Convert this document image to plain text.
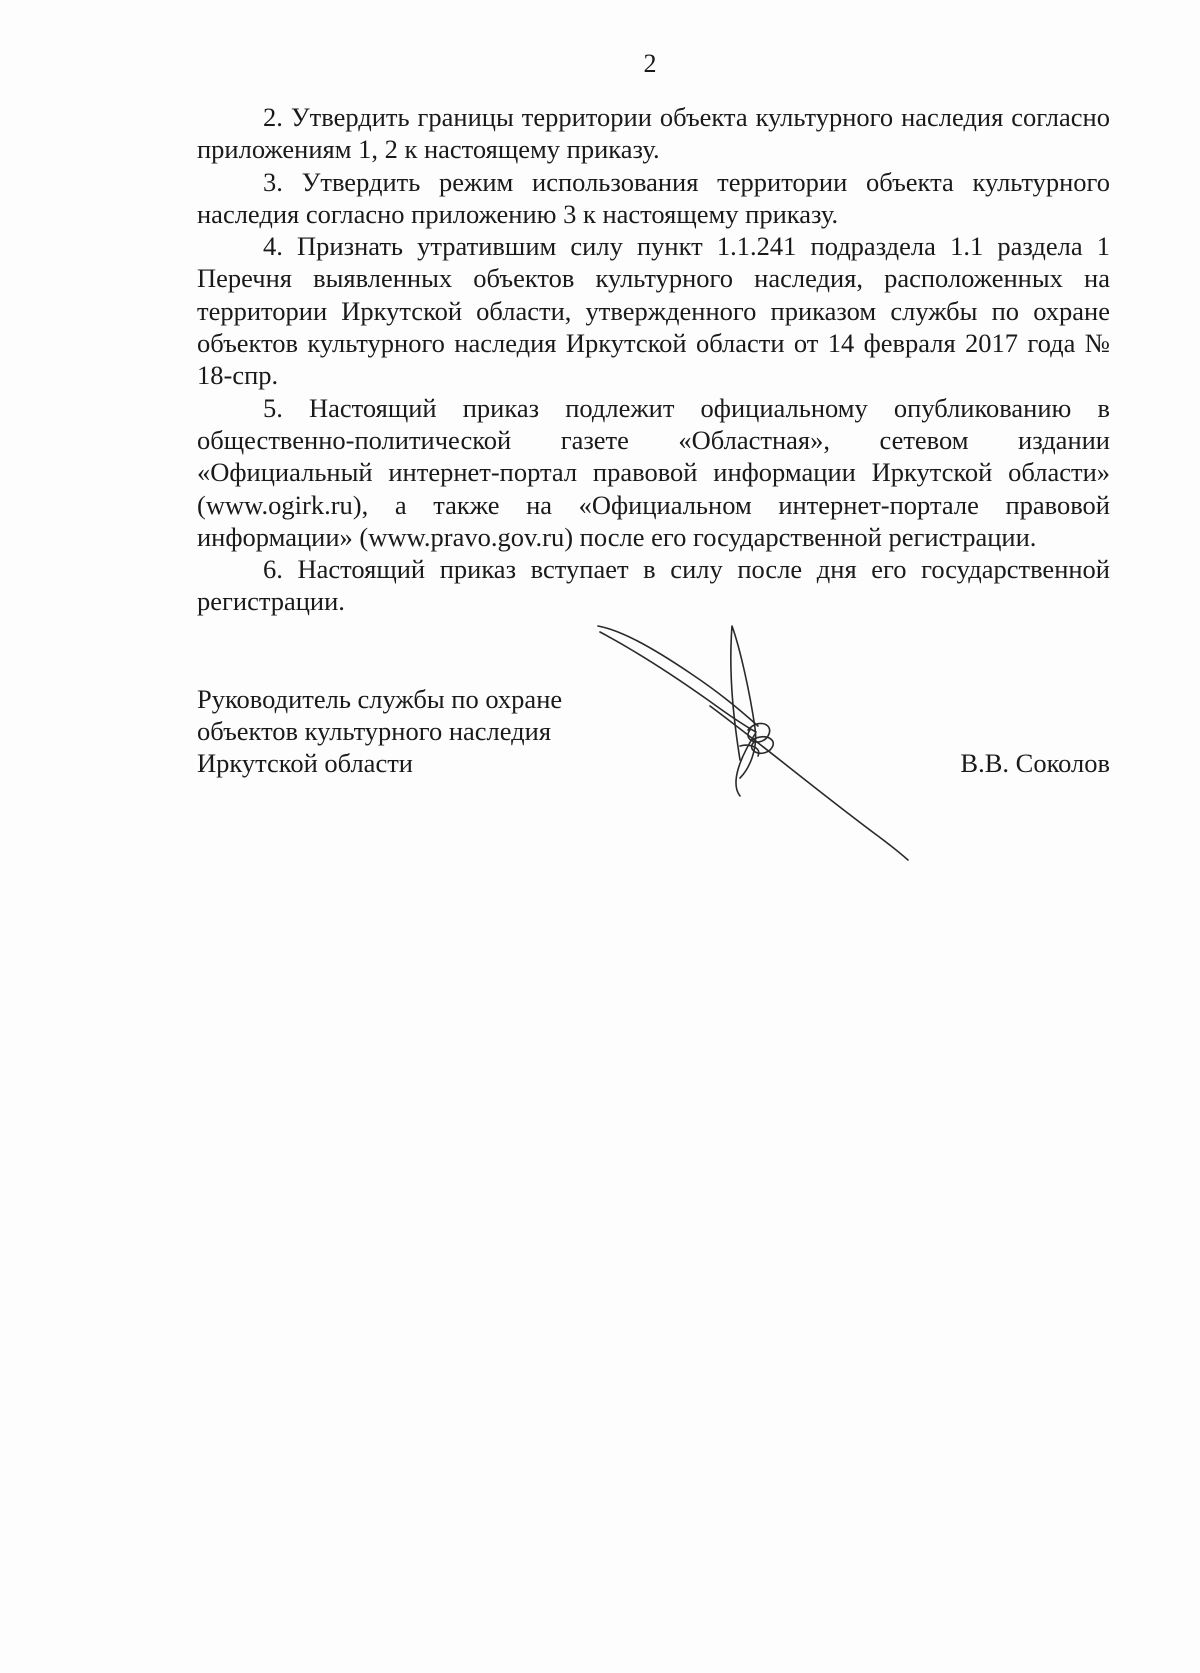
2

2. Утвердить границы территории объекта культурного наследия согласно приложениям 1, 2 к настоящему приказу.

3. Утвердить режим использования территории объекта культурного наследия согласно приложению 3 к настоящему приказу.

4. Признать утратившим силу пункт 1.1.241 подраздела 1.1 раздела 1 Перечня выявленных объектов культурного наследия, расположенных на территории Иркутской области, утвержденного приказом службы по охране объектов культурного наследия Иркутской области от 14 февраля 2017 года № 18-спр.

5. Настоящий приказ подлежит официальному опубликованию в общественно-политической газете «Областная», сетевом издании «Официальный интернет-портал правовой информации Иркутской области» (www.ogirk.ru), а также на «Официальном интернет-портале правовой информации» (www.pravo.gov.ru) после его государственной регистрации.

6. Настоящий приказ вступает в силу после дня его государственной регистрации.

Руководитель службы по охране
объектов культурного наследия
Иркутской области	В.В. Соколов
